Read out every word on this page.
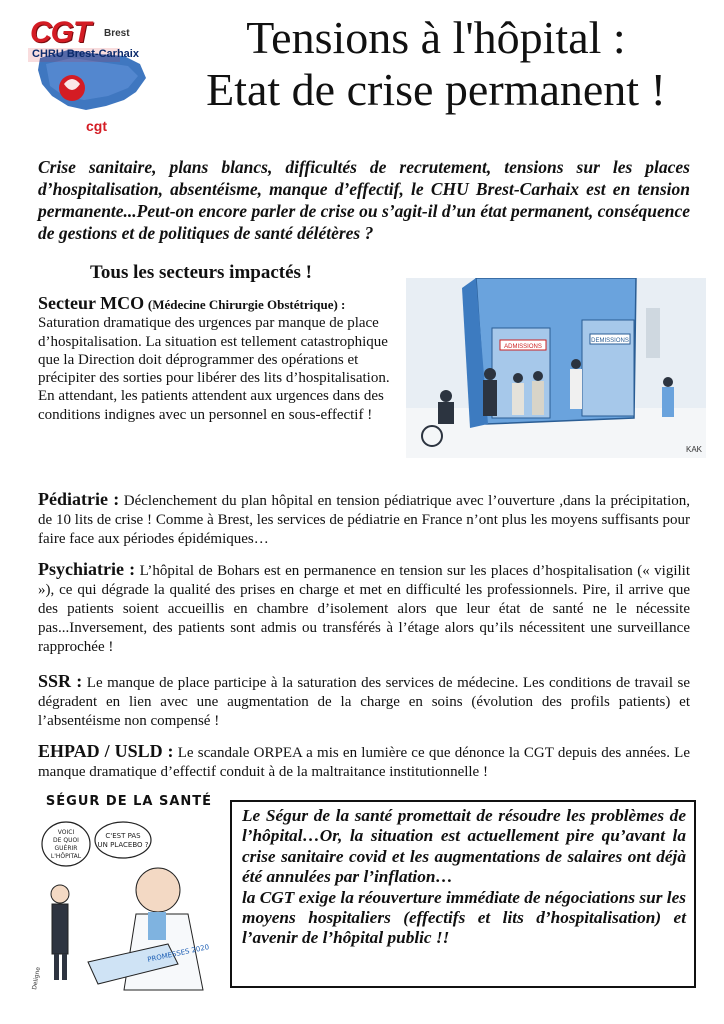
CGT Brest
CHRU Brest-Carhaix
cgt
Tensions à l'hôpital :
Etat de crise permanent !
Crise sanitaire, plans blancs, difficultés de recrutement, tensions sur les places d’hospitalisation, absentéisme, manque d’effectif, le CHU Brest-Carhaix est en tension permanente...Peut-on encore parler de crise ou s’agit-il d’un état permanent, conséquence de gestions et de politiques de santé délétères ?
Tous les secteurs impactés !
Secteur MCO (Médecine Chirurgie Obstétrique) :
Saturation dramatique des urgences par manque de place d’hospitalisation. La situation est tellement catastrophique que la Direction doit déprogrammer des opérations et précipiter des sorties pour libérer des lits d’hospitalisation.
En attendant, les patients attendent aux urgences dans des conditions indignes avec un personnel en sous-effectif !
ADMISSIONS
DEMISSIONS
KAK
Pédiatrie : Déclenchement du plan hôpital en tension pédiatrique avec l’ouverture ,dans la précipitation, de 10 lits de crise ! Comme à Brest, les services de pédiatrie en France n’ont plus les moyens suffisants pour faire face aux périodes épidémiques…
Psychiatrie : L’hôpital de Bohars est en permanence en tension sur les places d’hospitalisation (« vigilit »), ce qui dégrade la qualité des prises en charge et met en difficulté les professionnels. Pire, il arrive que des patients soient accueillis en chambre d’isolement alors que leur état de santé ne le nécessite pas...Inversement, des patients sont admis ou transférés à l’étage alors qu’ils nécessitent une surveillance rapprochée !
SSR : Le manque de place participe à la saturation des services de médecine. Les conditions de travail se dégradent en lien avec une augmentation de la charge en soins (évolution des profils patients) et l’absentéisme non compensé !
EHPAD / USLD : Le scandale ORPEA a mis en lumière ce que dénonce la CGT depuis des années. Le manque dramatique d’effectif conduit à de la maltraitance institutionnelle !
SÉGUR DE LA SANTÉ
VOICI
DE QUOI
GUÉRIR
L'HÔPITAL
C'EST PAS
UN PLACEBO ?
PROMESSES 2020
Deligne

Le Ségur de la santé promettait de résoudre les problèmes de l’hôpital…Or, la situation est actuellement pire qu’avant la crise sanitaire covid et les augmentations de salaires ont déjà été annulées par l’inflation…

la CGT exige la réouverture immédiate de négociations sur les moyens hospitaliers (effectifs et lits d’hospitalisation) et l’avenir de l’hôpital public !!
